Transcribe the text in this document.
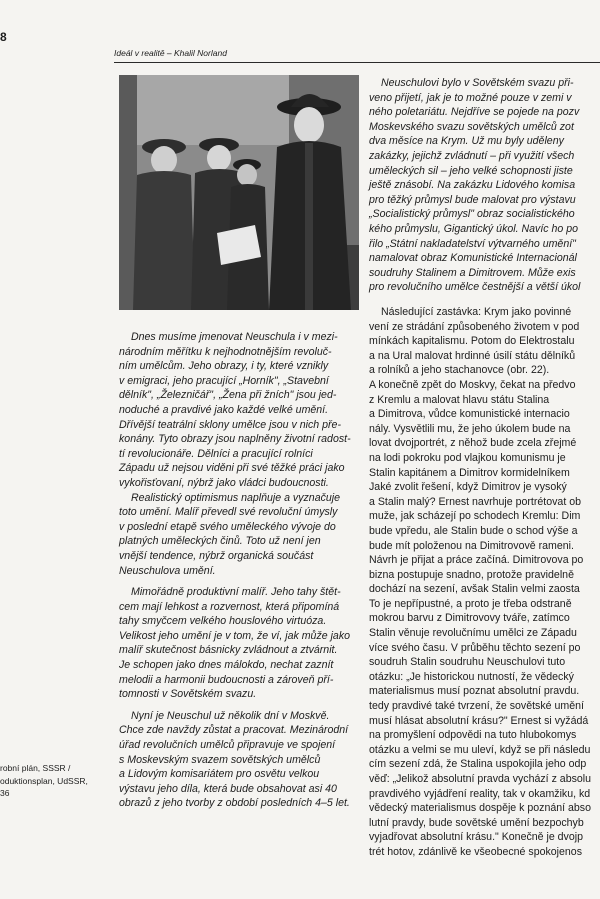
8
Ideál v realitě – Khalil Norland

Dnes musíme jmenovat Neuschula i v mezi-

národním měřítku k nejhodnotnějším revoluč-

ním umělcům. Jeho obrazy, i ty, které vznikly

v emigraci, jeho pracující „Horník", „Stavební

dělník", „Železničář", „Žena při žních" jsou jed-

noduché a pravdivé jako každé velké umění.

Dřívější teatrální sklony umělce jsou v nich pře-

konány. Tyto obrazy jsou naplněny životní radost-

tí revolucionáře. Dělníci a pracující rolníci

Západu už nejsou viděni při své těžké práci jako

vykořisťovaní, nýbrž jako vládci budoucnosti.

Realistický optimismus naplňuje a vyznačuje

toto umění. Malíř převedl své revoluční úmysly

v poslední etapě svého uměleckého vývoje do

platných uměleckých činů. Toto už není jen

vnější tendence, nýbrž organická součást

Neuschulova umění.

Mimořádně produktivní malíř. Jeho tahy štět-

cem mají lehkost a rozvernost, která připomíná

tahy smyčcem velkého houslového virtuóza.

Velikost jeho umění je v tom, že ví, jak může jako

malíř skutečnost básnicky zvládnout a ztvárnit.

Je schopen jako dnes málokdo, nechat zaznít

melodii a harmonii budoucnosti a zároveň pří-

tomnosti v Sovětském svazu.

Nyní je Neuschul už několik dní v Moskvě.

Chce zde navždy zůstat a pracovat. Mezinárodní

úřad revolučních umělců připravuje ve spojení

s Moskevským svazem sovětských umělců

a Lidovým komisariátem pro osvětu velkou

výstavu jeho díla, která bude obsahovat asi 40

obrazů z jeho tvorby z období posledních 4–5 let.

Neuschulovi bylo v Sovětském svazu při-

veno přijetí, jak je to možné pouze v zemi v

ného poletariátu. Nejdříve se pojede na pozv

Moskevského svazu sovětských umělců zot

dva měsíce na Krym. Už mu byly uděleny

zakázky, jejichž zvládnutí – při využití všech

uměleckých sil – jeho velké schopnosti jiste

ještě znásobí. Na zakázku Lidového komisa

pro těžký průmysl bude malovat pro výstavu

„Socialistický průmysl" obraz socialistického

kého průmyslu, Gigantický úkol. Navíc ho po

řilo „Státní nakladatelství výtvarného umění"

namalovat obraz Komunistické Internacionál

soudruhy Stalinem a Dimitrovem. Může exis

pro revolučního umělce čestnější a větší úkol

Následující zastávka: Krym jako povinné

vení ze strádání způsobeného životem v pod

mínkách kapitalismu. Potom do Elektrostalu

a na Ural malovat hrdinné úsilí státu dělníků

a rolníků a jeho stachanovce (obr. 22).

A konečně zpět do Moskvy, čekat na předvo

z Kremlu a malovat hlavu státu Stalina

a Dimitrova, vůdce komunistické internacio

nály. Vysvětlili mu, že jeho úkolem bude na

lovat dvojportrét, z něhož bude zcela zřejmé

na lodi pokroku pod vlajkou komunismu je

Stalin kapitánem a Dimitrov kormidelníkem

Jaké zvolit řešení, když Dimitrov je vysoký

a Stalin malý? Ernest navrhuje portrétovat ob

muže, jak scházejí po schodech Kremlu: Dim

bude vpředu, ale Stalin bude o schod výše a

bude mít položenou na Dimitrovově rameni.

Návrh je přijat a práce začíná. Dimitrovova po

bizna postupuje snadno, protože pravidelně

dochází na sezení, avšak Stalin velmi zaosta

To je nepřípustné, a proto je třeba odstraně

mokrou barvu z Dimitrovovy tváře, zatímco

Stalin věnuje revolučnímu umělci ze Západu

více svého času. V průběhu těchto sezení po

soudruh Stalin soudruhu Neuschulovi tuto

otázku: „Je historickou nutností, že vědecký

materialismus musí poznat absolutní pravdu.

tedy pravdivé také tvrzení, že sovětské umění

musí hlásat absolutní krásu?" Ernest si vyžádá

na promyšlení odpovědi na tuto hlubokomys

otázku a velmi se mu uleví, když se při následu

cím sezení zdá, že Stalina uspokojila jeho odp

věď: „Jelikož absolutní pravda vychází z absolu

pravdivého vyjádření reality, tak v okamžiku, kd

vědecký materialismus dospěje k poznání abso

lutní pravdy, bude sovětské umění bezpochyb

vyjadřovat absolutní krásu." Konečně je dvojp

trét hotov, zdánlivě ke všeobecné spokojenos

robní plán, SSSR /
oduktionsplan, UdSSR,
36
